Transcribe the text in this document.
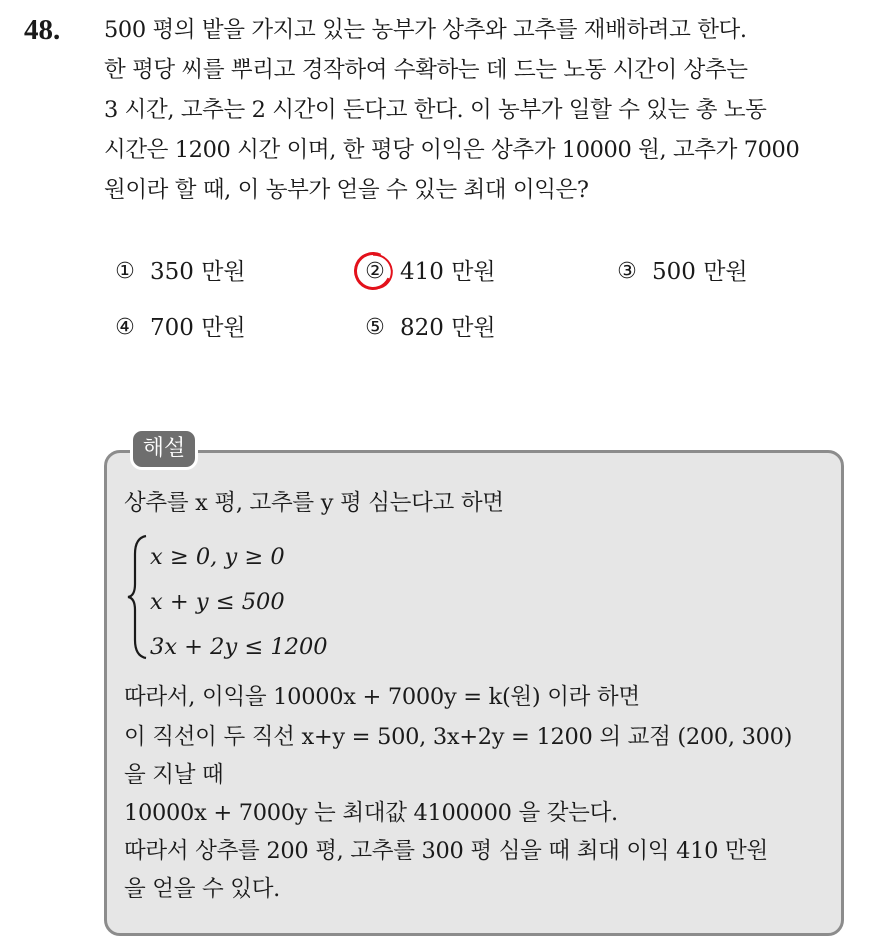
48. 500 평의 밭을 가지고 있는 농부가 상추와 고추를 재배하려고 한다.
한 평당 씨를 뿌리고 경작하여 수확하는 데 드는 노동 시간이 상추는
3 시간, 고추는 2 시간이 든다고 한다. 이 농부가 일할 수 있는 총 노동
시간은 1200 시간 이며, 한 평당 이익은 상추가 10000 원, 고추가 7000
원이라 할 때, 이 농부가 얻을 수 있는 최대 이익은?
① 350 만원	② 410 만원	③ 500 만원
④ 700 만원	⑤ 820 만원
해설
상추를 x 평, 고추를 y 평 심는다고 하면
x ≥ 0, y ≥ 0
x + y ≤ 500
3x + 2y ≤ 1200
따라서, 이익을 10000x + 7000y = k(원) 이라 하면
이 직선이 두 직선 x+y = 500, 3x+2y = 1200 의 교점 (200, 300)
을 지날 때
10000x + 7000y 는 최대값 4100000 을 갖는다.
따라서 상추를 200 평, 고추를 300 평 심을 때 최대 이익 410 만원
을 얻을 수 있다.
